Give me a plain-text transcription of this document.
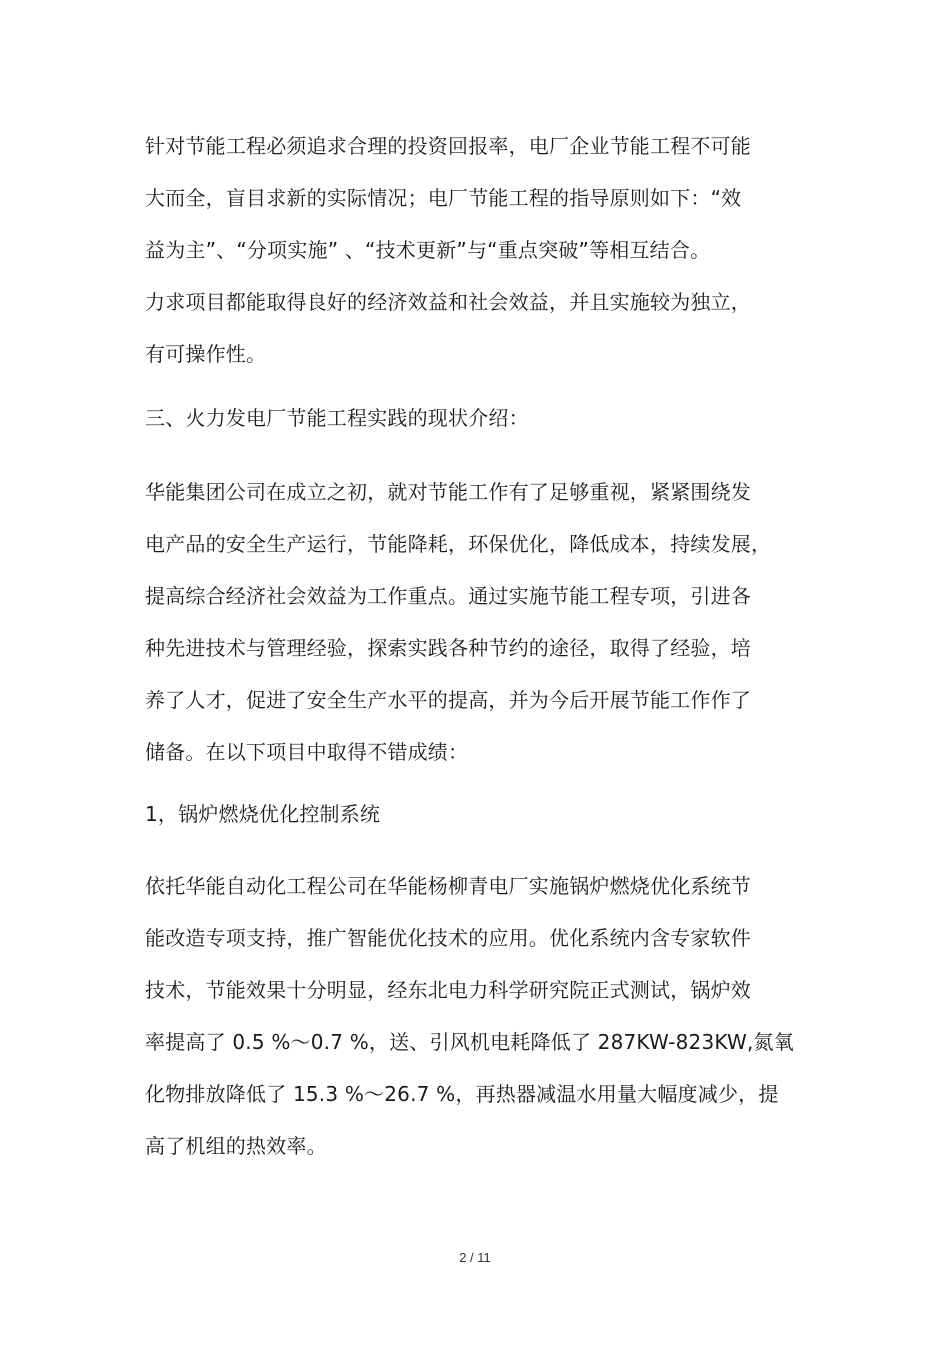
针对节能工程必须追求合理的投资回报率，电厂企业节能工程不可能
大而全，盲目求新的实际情况；电厂节能工程的指导原则如下：“效
益为主”、“分项实施” 、“技术更新”与“重点突破”等相互结合。
力求项目都能取得良好的经济效益和社会效益，并且实施较为独立，
有可操作性。
三、火力发电厂节能工程实践的现状介绍：
华能集团公司在成立之初，就对节能工作有了足够重视，紧紧围绕发
电产品的安全生产运行，节能降耗，环保优化，降低成本，持续发展，
提高综合经济社会效益为工作重点。通过实施节能工程专项，引进各
种先进技术与管理经验，探索实践各种节约的途径，取得了经验，培
养了人才，促进了安全生产水平的提高，并为今后开展节能工作作了
储备。在以下项目中取得不错成绩：
1，锅炉燃烧优化控制系统
依托华能自动化工程公司在华能杨柳青电厂实施锅炉燃烧优化系统节
能改造专项支持，推广智能优化技术的应用。优化系统内含专家软件
技术，节能效果十分明显，经东北电力科学研究院正式测试，锅炉效
率提高了 0.5 %～0.7 %，送、引风机电耗降低了 287KW-823KW,氮氧
化物排放降低了 15.3 %～26.7 %，再热器减温水用量大幅度减少，提
高了机组的热效率。
2 / 11
